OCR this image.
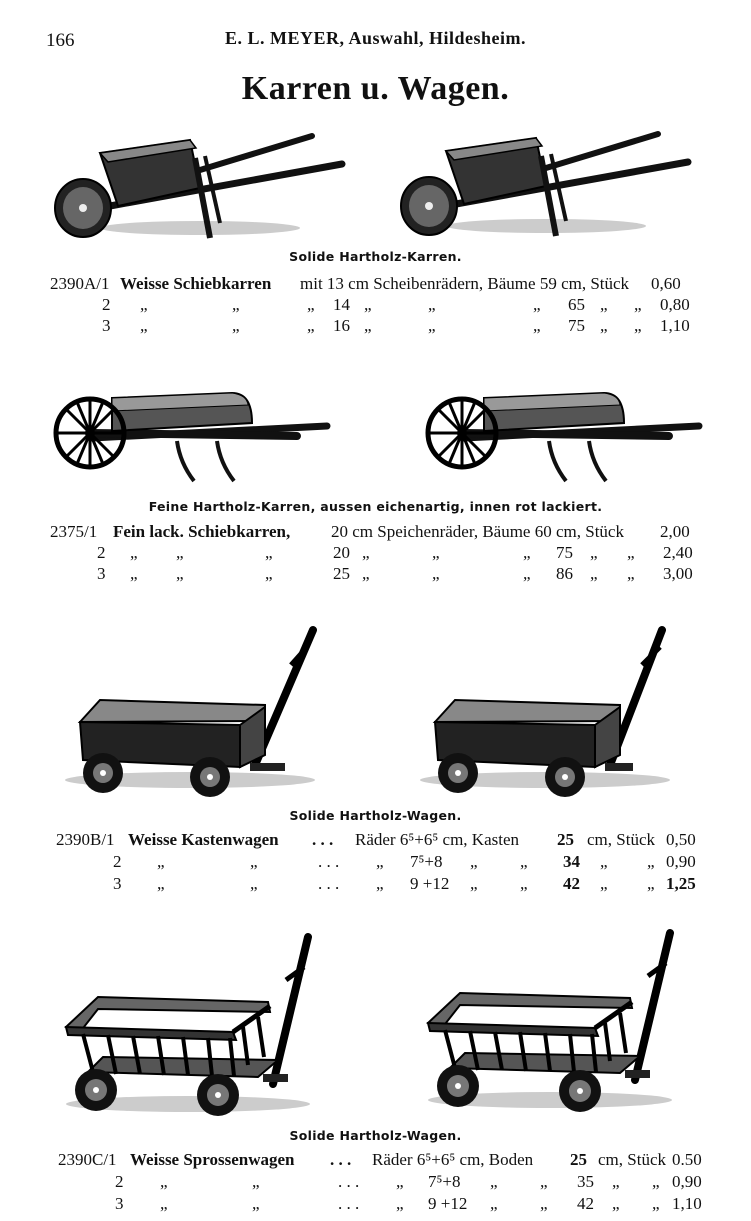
166	E. L. MEYER, Auswahl, Hildesheim.
Karren u. Wagen.
Solide Hartholz-Karren.
2390A/1 Weisse Schiebkarren mit 13 cm Scheibenrädern, Bäume 59 cm, Stück 0,60
2 „	„	„ 14 „	„	„ 65 „ „ 0,80
3 „	„	„ 16 „	„	„ 75 „ „ 1,10
Feine Hartholz-Karren, aussen eichenartig, innen rot lackiert.
2375/1 Fein lack. Schiebkarren, 20 cm Speichenräder, Bäume 60 cm, Stück 2,00
2 „ „	„	20 „	„	„ 75 „ „ 2,40
3 „ „	„	25 „	„	„ 86 „ „ 3,00
Solide Hartholz-Wagen.
2390B/1 Weisse Kastenwagen . . . Räder 6⁵+6⁵ cm, Kasten 25 cm, Stück 0,50
2 „	„	. . . „ 7⁵+8 „ „ 34 „ „ 0,90
3 „	„	. . . „ 9 +12 „ „ 42 „ „ 1,25
Solide Hartholz-Wagen.
2390C/1 Weisse Sprossenwagen . . . Räder 6⁵+6⁵ cm, Boden 25 cm, Stück 0.50
2 „	„	. . . „ 7⁵+8 „ „ 35 „ „ 0,90
3 „	„	. . . „ 9 +12 „ „ 42 „ „ 1,10
